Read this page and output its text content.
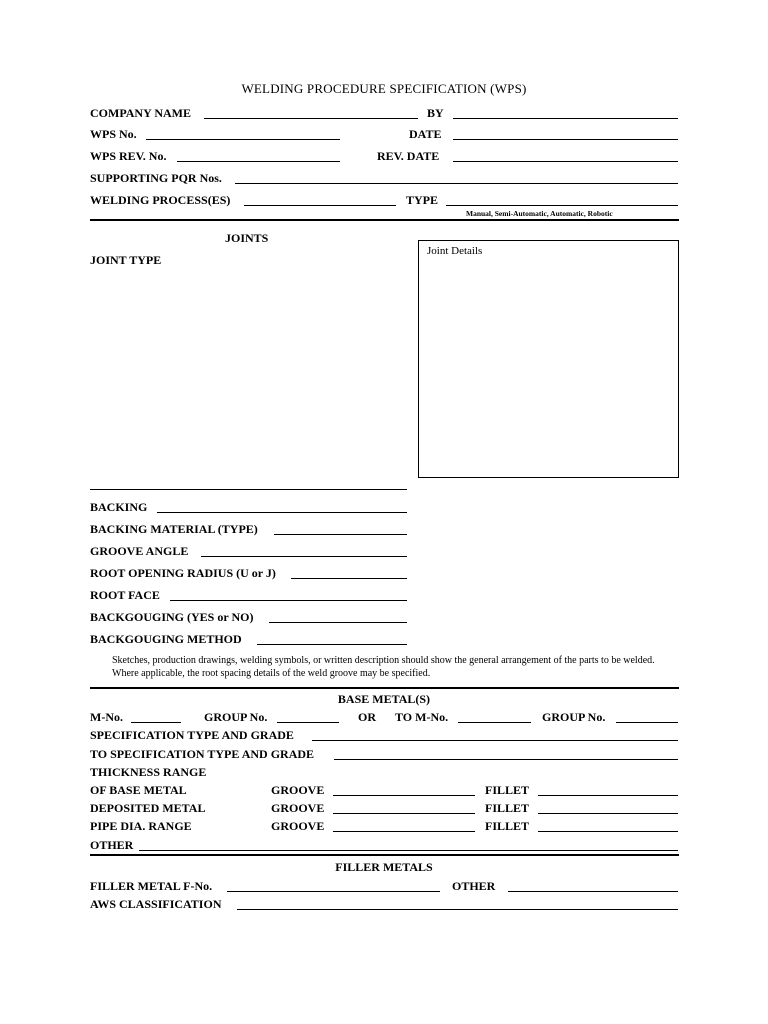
WELDING PROCEDURE SPECIFICATION (WPS)
COMPANY NAME	BY
WPS No.	DATE
WPS REV. No.	REV. DATE
SUPPORTING PQR Nos.
WELDING PROCESS(ES)	TYPE
Manual, Semi-Automatic, Automatic, Robotic
JOINTS
JOINT TYPE
Joint Details
BACKING
BACKING MATERIAL (TYPE)
GROOVE ANGLE
ROOT OPENING RADIUS (U or J)
ROOT FACE
BACKGOUGING (YES or NO)
BACKGOUGING METHOD
Sketches, production drawings, welding symbols, or written description should show the general arrangement of the parts to be welded. Where applicable, the root spacing details of the weld groove may be specified.
BASE METAL(S)
M-No.	GROUP No.	OR TO M-No.	GROUP No.
SPECIFICATION TYPE AND GRADE
TO SPECIFICATION TYPE AND GRADE
THICKNESS RANGE
OF BASE METAL	GROOVE	FILLET
DEPOSITED METAL	GROOVE	FILLET
PIPE DIA. RANGE	GROOVE	FILLET
OTHER
FILLER METALS
FILLER METAL F-No.	OTHER
AWS CLASSIFICATION
